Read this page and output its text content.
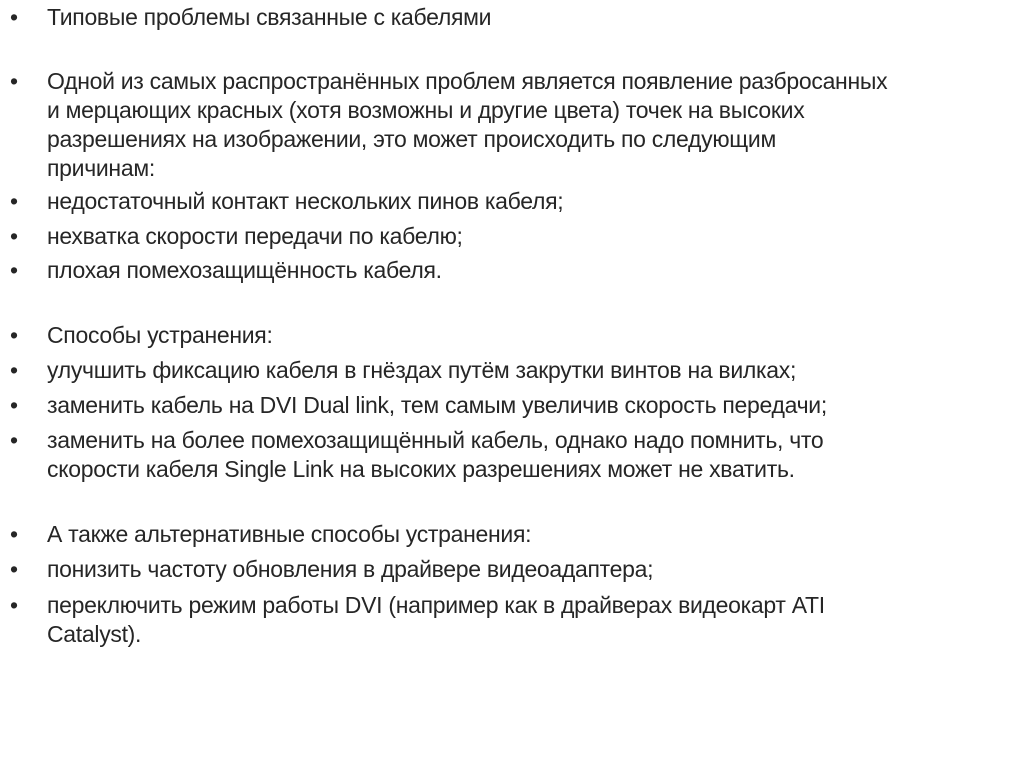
• Типовые проблемы связанные с кабелями
• Одной из самых распространённых проблем является появление разбросанных
и мерцающих красных (хотя возможны и другие цвета) точек на высоких
разрешениях на изображении, это может происходить по следующим
причинам:
• недостаточный контакт нескольких пинов кабеля;
• нехватка скорости передачи по кабелю;
• плохая помехозащищённость кабеля.
• Способы устранения:
• улучшить фиксацию кабеля в гнёздах путём закрутки винтов на вилках;
• заменить кабель на DVI Dual link, тем самым увеличив скорость передачи;
• заменить на более помехозащищённый кабель, однако надо помнить, что
скорости кабеля Single Link на высоких разрешениях может не хватить.
• А также альтернативные способы устранения:
• понизить частоту обновления в драйвере видеоадаптера;
• переключить режим работы DVI (например как в драйверах видеокарт ATI
Catalyst).
